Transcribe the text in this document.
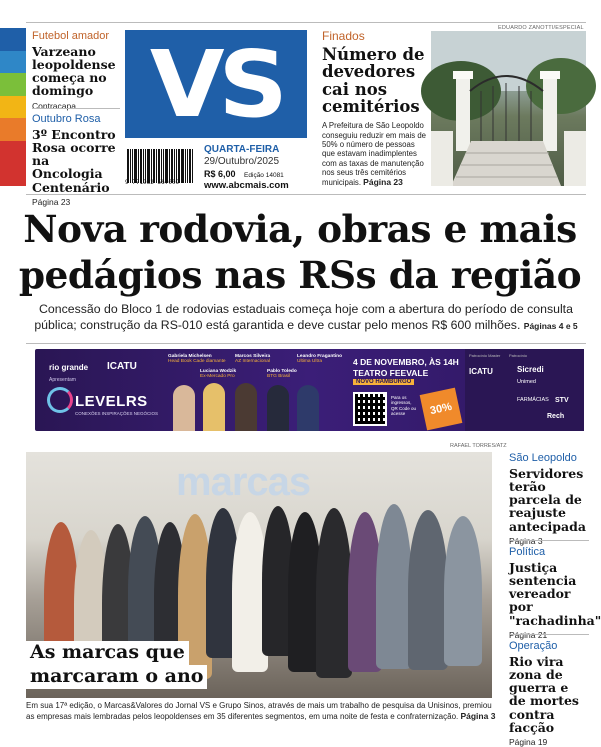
EDUARDO ZANOTTI/ESPECIAL
Futebol amador
Varzeano leopoldense começa no domingo
Contracapa
Outubro Rosa
3º Encontro Rosa ocorre na Oncologia Centenário
Página 23
VS
9 771982 567009
QUARTA-FEIRA
29/Outubro/2025
R$ 6,00 Edição 14081
www.abcmais.com
Finados
Número de devedores cai nos cemitérios
A Prefeitura de São Leopoldo conseguiu reduzir em mais de 50% o número de pessoas que estavam inadimplentes com as taxas de manutenção nos seus três cemitérios municipais. Página 23
Nova rodovia, obras e mais
pedágios nas RSs da região
Concessão do Bloco 1 de rodovias estaduais começa hoje com a abertura do período de consulta pública; construção da RS-010 está garantida e deve custar pelo menos R$ 600 milhões. Páginas 4 e 5
rio grande ICATU
Apresentam
LEVELRS
CONEXÕES INSPIRAÇÕES NEGÓCIOS
Gabriela Michelsen
Head Book Cade diamante
Marcos Silveira
AZ Internacional
Leandro Fragantino
Ultima Ultra
Luciana Wodzik
Ex-Mercado Pro
Pablo Toledo
BTG Brasil
4 DE NOVEMBRO, ÀS 14H
TEATRO FEEVALE
NOVO HAMBURGO
Para os ingressos, QR Code ou acesse	30%
Patrocínio Master Patrocínio
ICATU	Sicredi
Unimed
FARMÁCIAS STV
Rech
RAFAEL TORRES/ATZ
marcas
As marcas que
marcaram o ano
Em sua 17ª edição, o Marcas&Valores do Jornal VS e Grupo Sinos, através de mais um trabalho de pesquisa da Unisinos, premiou as empresas mais lembradas pelos leopoldenses em 35 diferentes segmentos, em uma noite de festa e confraternização. Página 3
São Leopoldo
Servidores terão parcela de reajuste antecipada
Página 3
Política
Justiça sentencia vereador por "rachadinha"
Página 21
Operação
Rio vira zona de guerra e de mortes contra facção
Página 19
